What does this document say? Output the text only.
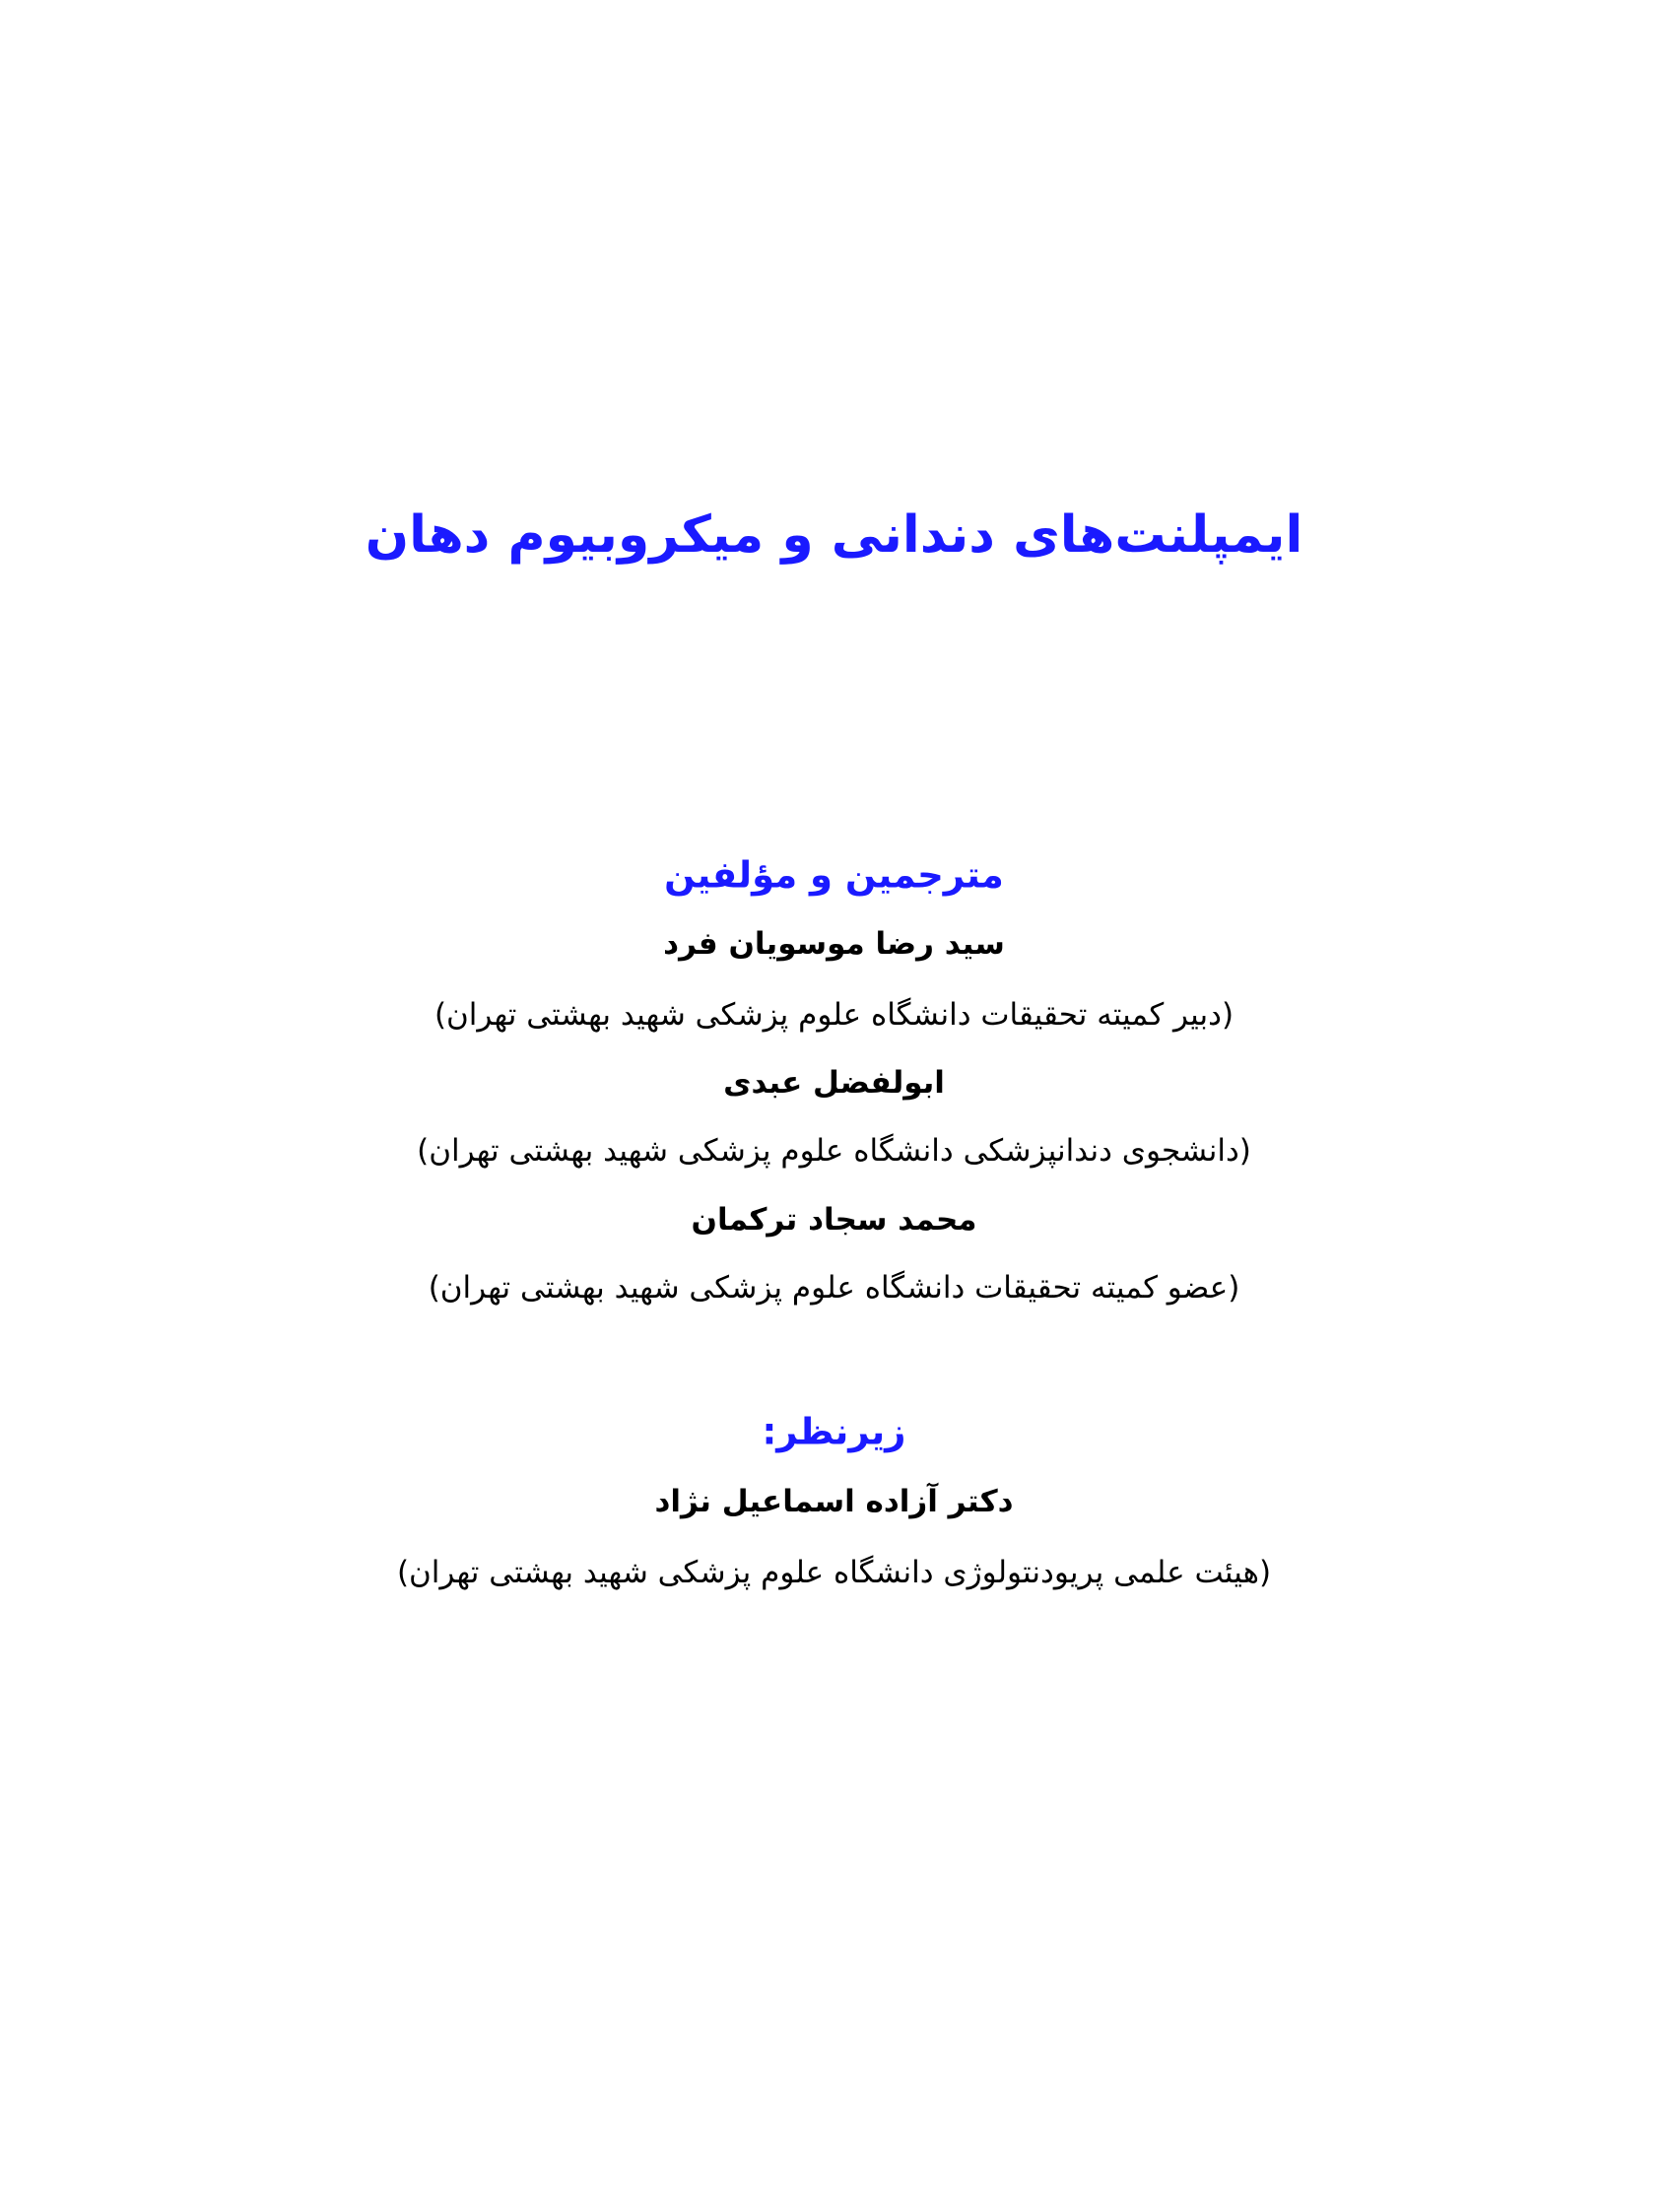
ایمپلنت‌های دندانی و میکروبیوم دهان
مترجمین و مؤلفین
سید رضا موسویان فرد
(دبیر کمیته تحقیقات دانشگاه علوم پزشکی شهید بهشتی تهران)
ابولفضل عبدی
(دانشجوی دندانپزشکی دانشگاه علوم پزشکی شهید بهشتی تهران)
محمد سجاد ترکمان
(عضو کمیته تحقیقات دانشگاه علوم پزشکی شهید بهشتی تهران)
زیرنظر:
دکتر آزاده اسماعیل نژاد
(هیئت علمی پریودنتولوژی دانشگاه علوم پزشکی شهید بهشتی تهران)
